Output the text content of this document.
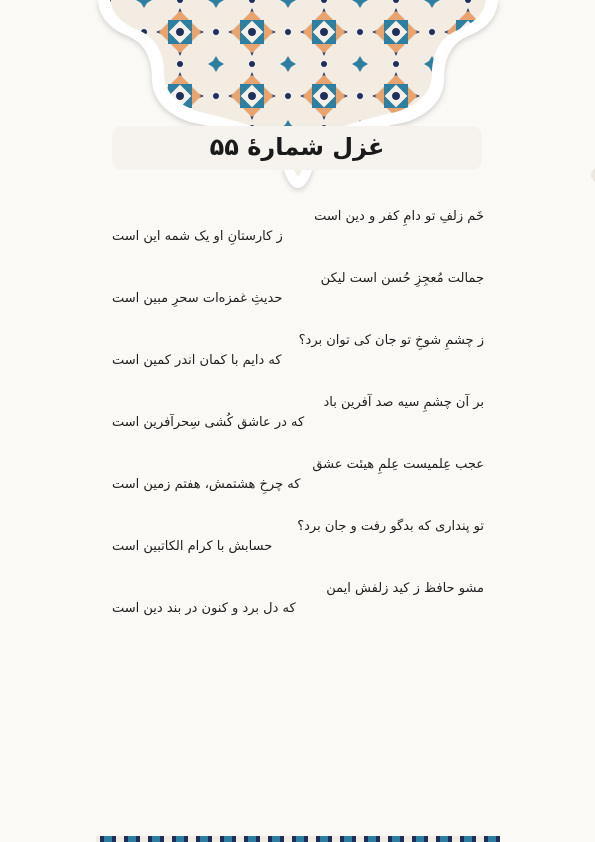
غزل شمارهٔ ۵۵
خَم زلفِ تو دامِ کفر و دین است
ز کارستانِ او یک شمه این است
جمالت مُعجِزِ حُسن است لیکن
حدیثِ غمزه‌ات سحرِ مبین است
ز چشمِ شوخِ تو جان کی توان برد؟
که دایم با کمان اندر کمین است
بر آن چشمِ سیه صد آفرین باد
که در عاشق کُشی سِحرآفرین است
عجب عِلمیست عِلمِ هیئت عشق
که چرخِ هشتمش، هفتم زمین است
تو پنداری که بدگو رفت و جان برد؟
حسابش با کرام الکاتبین است
مشو حافظ ز کید زلفش ایمن
که دل برد و کنون در بند دین است
